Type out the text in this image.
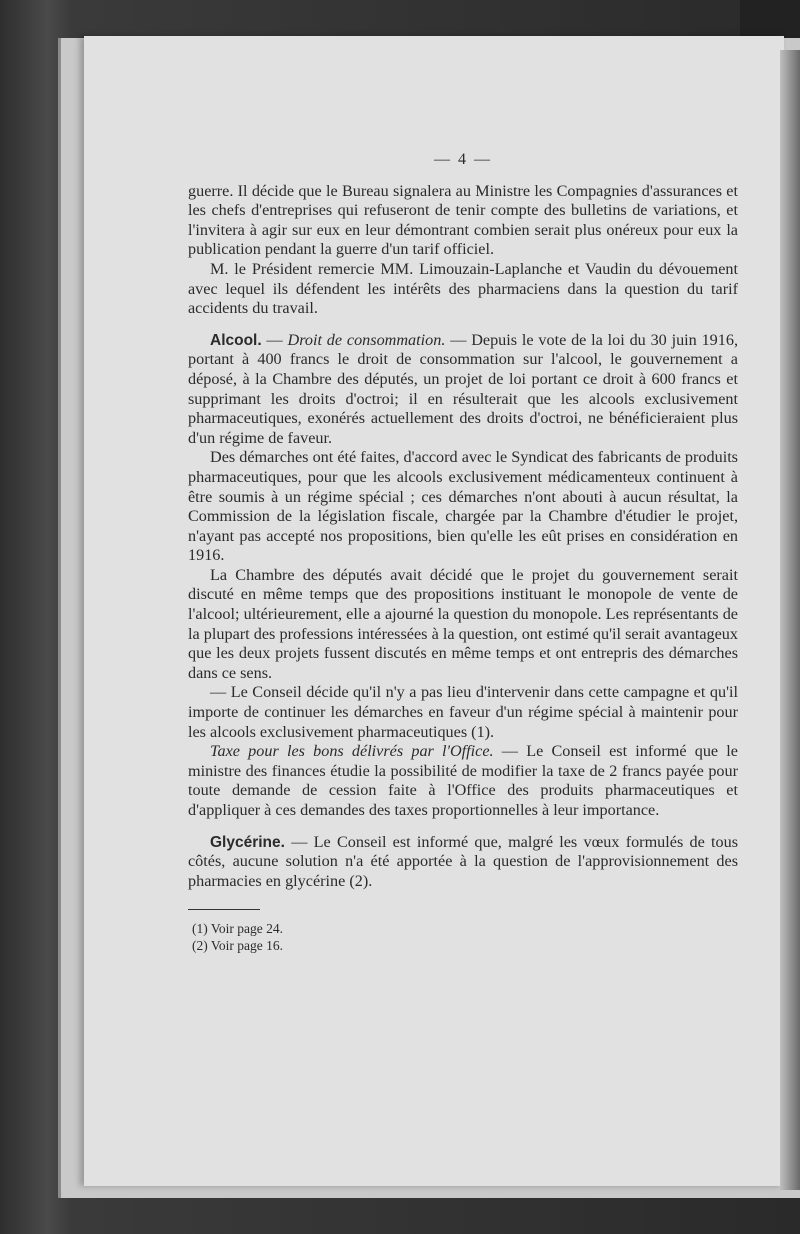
— 4 —

guerre. Il décide que le Bureau signalera au Ministre les Compagnies d'assurances et les chefs d'entreprises qui refuseront de tenir compte des bulletins de variations, et l'invitera à agir sur eux en leur démontrant combien serait plus onéreux pour eux la publication pendant la guerre d'un tarif officiel.

M. le Président remercie MM. Limouzain-Laplanche et Vaudin du dévouement avec lequel ils défendent les intérêts des pharmaciens dans la question du tarif accidents du travail.

Alcool. — Droit de consommation. — Depuis le vote de la loi du 30 juin 1916, portant à 400 francs le droit de consommation sur l'alcool, le gouvernement a déposé, à la Chambre des députés, un projet de loi portant ce droit à 600 francs et supprimant les droits d'octroi; il en résulterait que les alcools exclusivement pharmaceutiques, exonérés actuellement des droits d'octroi, ne bénéficieraient plus d'un régime de faveur.

Des démarches ont été faites, d'accord avec le Syndicat des fabricants de produits pharmaceutiques, pour que les alcools exclusivement médicamenteux continuent à être soumis à un régime spécial ; ces démarches n'ont abouti à aucun résultat, la Commission de la législation fiscale, chargée par la Chambre d'étudier le projet, n'ayant pas accepté nos propositions, bien qu'elle les eût prises en considération en 1916.

La Chambre des députés avait décidé que le projet du gouvernement serait discuté en même temps que des propositions instituant le monopole de vente de l'alcool; ultérieurement, elle a ajourné la question du monopole. Les représentants de la plupart des professions intéressées à la question, ont estimé qu'il serait avantageux que les deux projets fussent discutés en même temps et ont entrepris des démarches dans ce sens.

— Le Conseil décide qu'il n'y a pas lieu d'intervenir dans cette campagne et qu'il importe de continuer les démarches en faveur d'un régime spécial à maintenir pour les alcools exclusivement pharmaceutiques (1).

Taxe pour les bons délivrés par l'Office. — Le Conseil est informé que le ministre des finances étudie la possibilité de modifier la taxe de 2 francs payée pour toute demande de cession faite à l'Office des produits pharmaceutiques et d'appliquer à ces demandes des taxes proportionnelles à leur importance.

Glycérine. — Le Conseil est informé que, malgré les vœux formulés de tous côtés, aucune solution n'a été apportée à la question de l'approvisionnement des pharmacies en glycérine (2).

(1) Voir page 24.
(2) Voir page 16.
